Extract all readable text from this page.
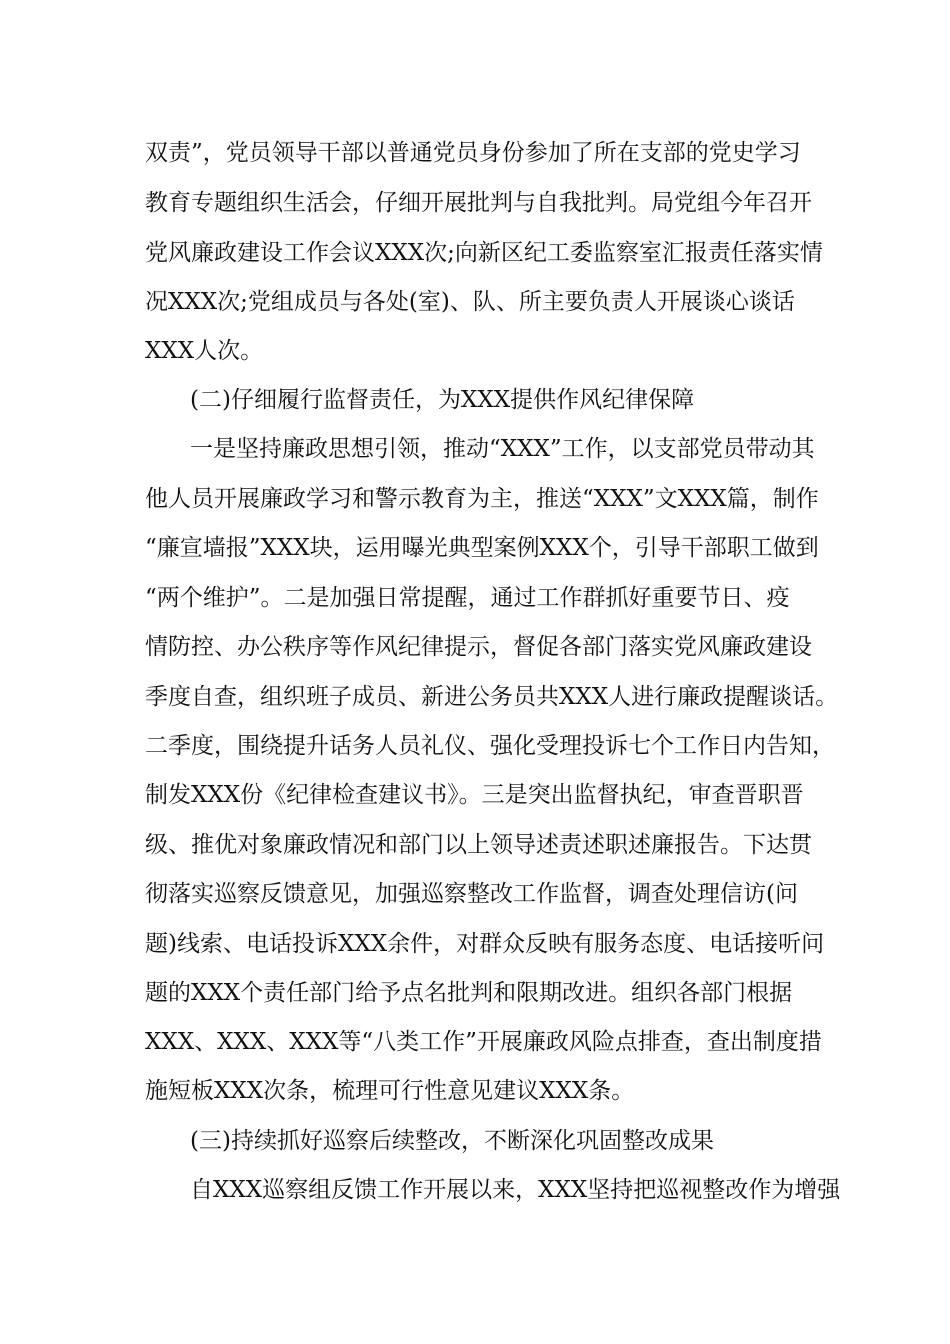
双责”，党员领导干部以普通党员身份参加了所在支部的党史学习
教育专题组织生活会，仔细开展批判与自我批判。局党组今年召开
党风廉政建设工作会议XXX次;向新区纪工委监察室汇报责任落实情
况XXX次;党组成员与各处(室)、队、所主要负责人开展谈心谈话
XXX人次。
(二)仔细履行监督责任，为XXX提供作风纪律保障
一是坚持廉政思想引领，推动“XXX”工作，以支部党员带动其
他人员开展廉政学习和警示教育为主，推送“XXX”文XXX篇，制作
“廉宣墙报”XXX块，运用曝光典型案例XXX个，引导干部职工做到
“两个维护”。二是加强日常提醒，通过工作群抓好重要节日、疫
情防控、办公秩序等作风纪律提示，督促各部门落实党风廉政建设
季度自查，组织班子成员、新进公务员共XXX人进行廉政提醒谈话。
二季度，围绕提升话务人员礼仪、强化受理投诉七个工作日内告知，
制发XXX份《纪律检查建议书》。三是突出监督执纪，审查晋职晋
级、推优对象廉政情况和部门以上领导述责述职述廉报告。下达贯
彻落实巡察反馈意见，加强巡察整改工作监督，调查处理信访(问
题)线索、电话投诉XXX余件，对群众反映有服务态度、电话接听问
题的XXX个责任部门给予点名批判和限期改进。组织各部门根据
XXX、XXX、XXX等“八类工作”开展廉政风险点排查，查出制度措
施短板XXX次条，梳理可行性意见建议XXX条。
(三)持续抓好巡察后续整改，不断深化巩固整改成果
自XXX巡察组反馈工作开展以来，XXX坚持把巡视整改作为增强
